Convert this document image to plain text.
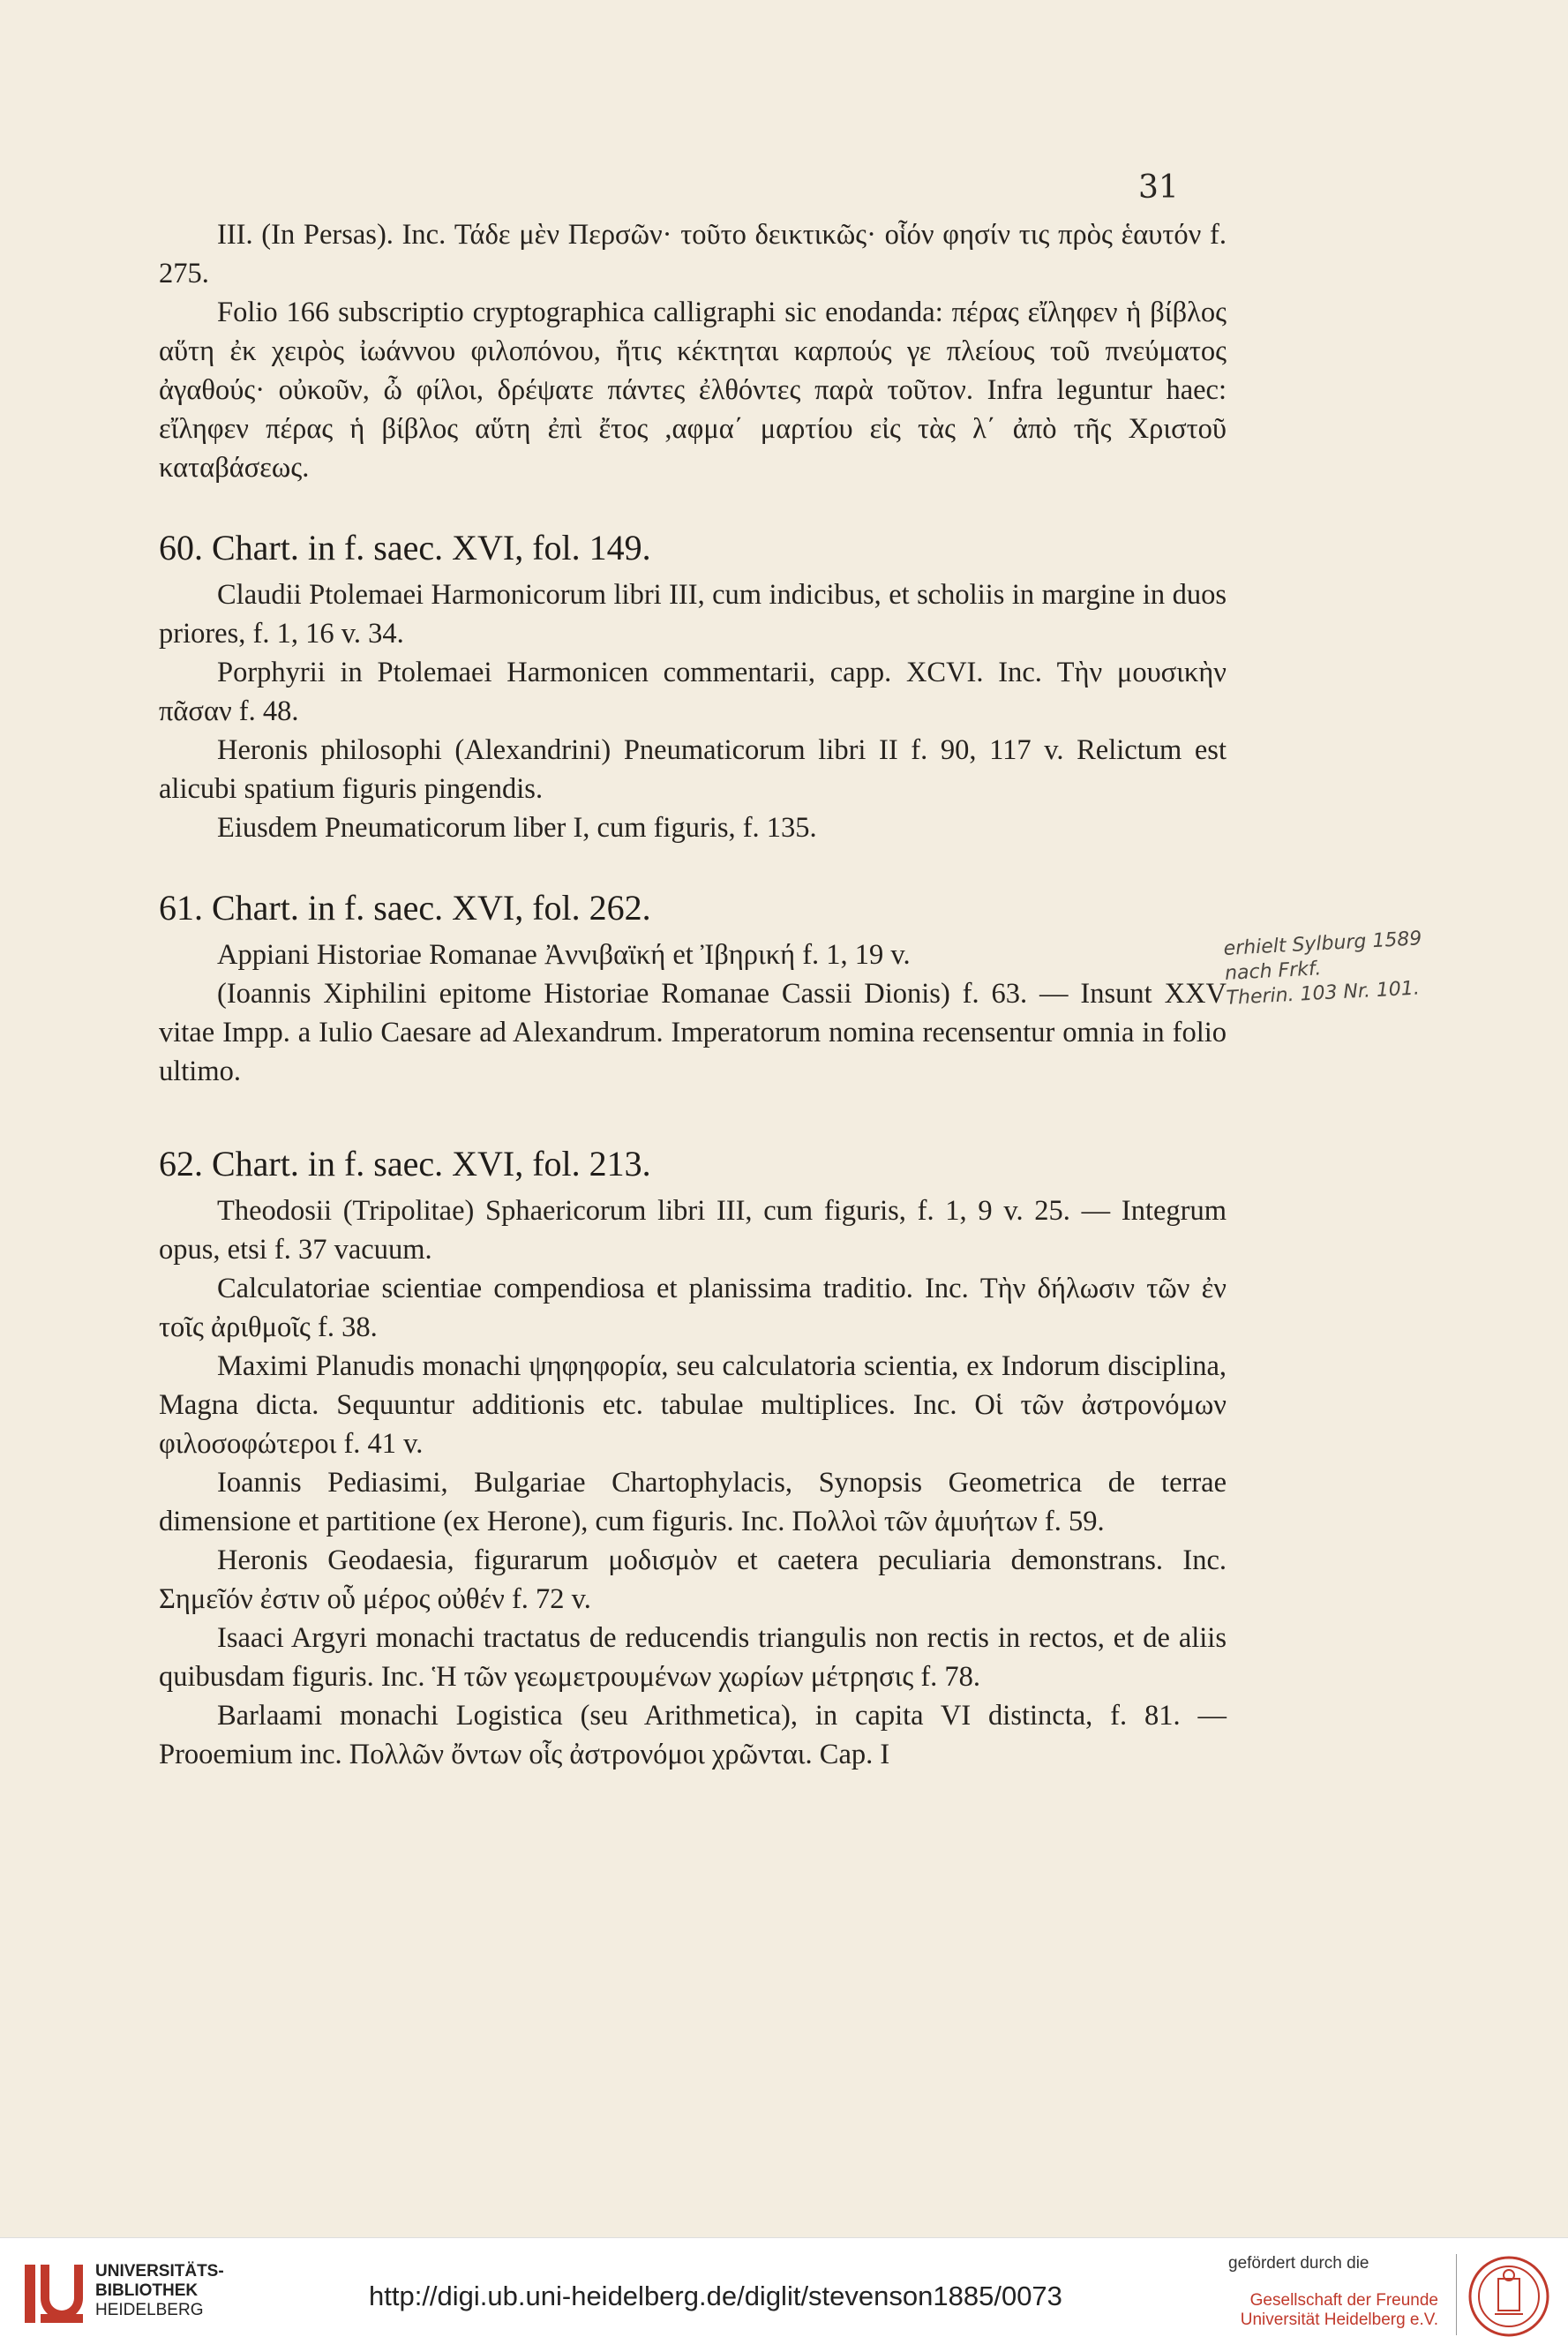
31

III. (In Persas). Inc. Τάδε μὲν Περσῶν· τοῦτο δεικτικῶς· οἷόν φησίν τις πρὸς ἑαυτόν f. 275.

Folio 166 subscriptio cryptographica calligraphi sic enodanda: πέρας εἴληφεν ἡ βίβλος αὕτη ἐκ χειρὸς ἰωάννου φιλοπόνου, ἥτις κέκτηται καρπούς γε πλείους τοῦ πνεύματος ἀγαθούς· οὐκοῦν, ὦ φίλοι, δρέψατε πάντες ἐλθόντες παρὰ τοῦτον. Infra leguntur haec: εἴληφεν πέρας ἡ βίβλος αὕτη ἐπὶ ἔτος ,αφμα΄ μαρτίου εἰς τὰς λ΄ ἀπὸ τῆς Χριστοῦ καταβάσεως.

60. Chart. in f. saec. XVI, fol. 149.

Claudii Ptolemaei Harmonicorum libri III, cum indicibus, et scholiis in margine in duos priores, f. 1, 16 v. 34.

Porphyrii in Ptolemaei Harmonicen commentarii, capp. XCVI. Inc. Τὴν μουσικὴν πᾶσαν f. 48.

Heronis philosophi (Alexandrini) Pneumaticorum libri II f. 90, 117 v. Relictum est alicubi spatium figuris pingendis.

Eiusdem Pneumaticorum liber I, cum figuris, f. 135.

61. Chart. in f. saec. XVI, fol. 262.

Appiani Historiae Romanae Ἀννιβαϊκή et Ἰβηρική f. 1, 19 v.

(Ioannis Xiphilini epitome Historiae Romanae Cassii Dionis) f. 63. — Insunt XXV vitae Impp. a Iulio Caesare ad Alexandrum. Imperatorum nomina recensentur omnia in folio ultimo.

62. Chart. in f. saec. XVI, fol. 213.

Theodosii (Tripolitae) Sphaericorum libri III, cum figuris, f. 1, 9 v. 25. — Integrum opus, etsi f. 37 vacuum.

Calculatoriae scientiae compendiosa et planissima traditio. Inc. Τὴν δήλωσιν τῶν ἐν τοῖς ἀριθμοῖς f. 38.

Maximi Planudis monachi ψηφηφορία, seu calculatoria scientia, ex Indorum disciplina, Magna dicta. Sequuntur additionis etc. tabulae multiplices. Inc. Οἱ τῶν ἀστρονόμων φιλοσοφώτεροι f. 41 v.

Ioannis Pediasimi, Bulgariae Chartophylacis, Synopsis Geometrica de terrae dimensione et partitione (ex Herone), cum figuris. Inc. Πολλοὶ τῶν ἀμυήτων f. 59.

Heronis Geodaesia, figurarum μοδισμὸν et caetera peculiaria demonstrans. Inc. Σημεῖόν ἐστιν οὗ μέρος οὐθέν f. 72 v.

Isaaci Argyri monachi tractatus de reducendis triangulis non rectis in rectos, et de aliis quibusdam figuris. Inc. Ἡ τῶν γεωμετρουμένων χωρίων μέτρησις f. 78.

Barlaami monachi Logistica (seu Arithmetica), in capita VI distincta, f. 81. — Prooemium inc. Πολλῶν ὄντων οἷς ἀστρονόμοι χρῶνται. Cap. I

erhielt Sylburg 1589
nach Frkf.
Therin. 103 Nr. 101.
UNIVERSITÄTS-
BIBLIOTHEK
HEIDELBERG	http://digi.ub.uni-heidelberg.de/diglit/stevenson1885/0073
gefördert durch die
Gesellschaft der Freunde
Universität Heidelberg e.V.
